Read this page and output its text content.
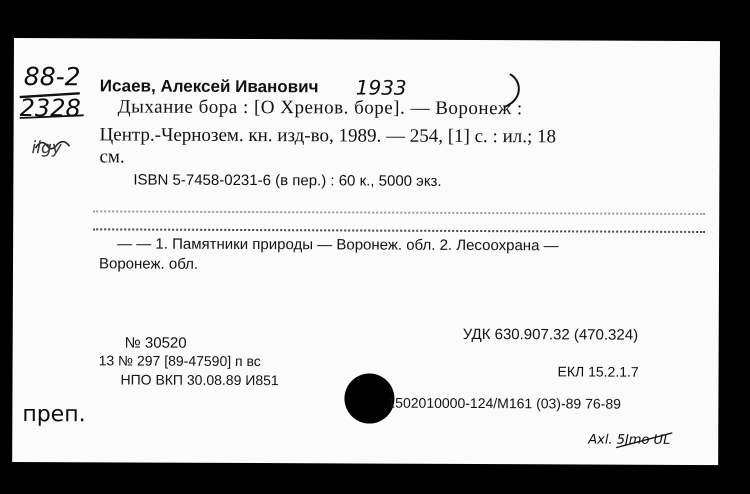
88-2
2328
ilgy
Исаев, Алексей Иванович 1933
Дыхание бора : [О Хренов. боре]. — Воронеж :
Центр.-Чернозем. кн. изд-во, 1989. — 254, [1] с. : ил.; 18
см.
ISBN 5-7458-0231-6 (в пер.) : 60 к., 5000 экз.
— — 1. Памятники природы — Воронеж. обл. 2. Лесоохрана —
Воронеж. обл.
УДК 630.907.32 (470.324)
№ 30520
13 № 297 [89-47590] п вс
НПО ВКП 30.08.89 И851	ЕКЛ 15.2.1.7
1502010000-124/М161 (03)-89 76-89
преп.
Axl. 5Jmo UL
